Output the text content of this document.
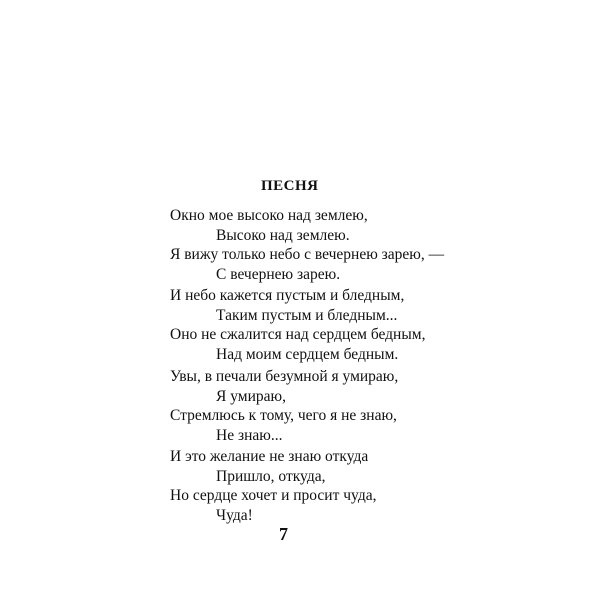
ПЕСНЯ
Окно мое высоко над землею,
Высоко над землею.
Я вижу только небо с вечернею зарею, —
С вечернею зарею.
И небо кажется пустым и бледным,
Таким пустым и бледным...
Оно не сжалится над сердцем бедным,
Над моим сердцем бедным.
Увы, в печали безумной я умираю,
Я умираю,
Стремлюсь к тому, чего я не знаю,
Не знаю...
И это желание не знаю откуда
Пришло, откуда,
Но сердце хочет и просит чуда,
Чуда!
7
